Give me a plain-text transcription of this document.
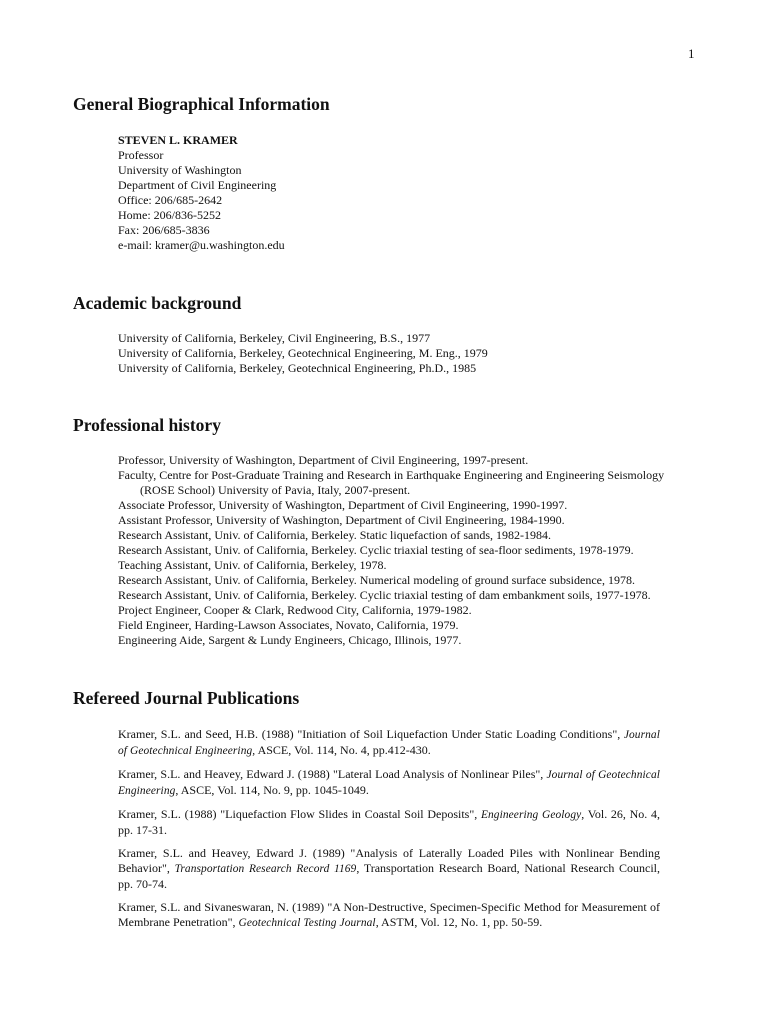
1
General Biographical Information
STEVEN L. KRAMER
Professor
University of Washington
Department of Civil Engineering
Office: 206/685-2642
Home: 206/836-5252
Fax: 206/685-3836
e-mail: kramer@u.washington.edu
Academic background
University of California, Berkeley, Civil Engineering, B.S., 1977
University of California, Berkeley, Geotechnical Engineering, M. Eng., 1979
University of California, Berkeley, Geotechnical Engineering, Ph.D., 1985
Professional history
Professor, University of Washington, Department of Civil Engineering, 1997-present.
Faculty, Centre for Post-Graduate Training and Research in Earthquake Engineering and Engineering Seismology (ROSE School) University of Pavia, Italy, 2007-present.
Associate Professor, University of Washington, Department of Civil Engineering, 1990-1997.
Assistant Professor, University of Washington, Department of Civil Engineering, 1984-1990.
Research Assistant, Univ. of California, Berkeley. Static liquefaction of sands, 1982-1984.
Research Assistant, Univ. of California, Berkeley. Cyclic triaxial testing of sea-floor sediments, 1978-1979.
Teaching Assistant, Univ. of California, Berkeley, 1978.
Research Assistant, Univ. of California, Berkeley. Numerical modeling of ground surface subsidence, 1978.
Research Assistant, Univ. of California, Berkeley. Cyclic triaxial testing of dam embankment soils, 1977-1978.
Project Engineer, Cooper & Clark, Redwood City, California, 1979-1982.
Field Engineer, Harding-Lawson Associates, Novato, California, 1979.
Engineering Aide, Sargent & Lundy Engineers, Chicago, Illinois, 1977.
Refereed Journal Publications
Kramer, S.L. and Seed, H.B. (1988) "Initiation of Soil Liquefaction Under Static Loading Conditions", Journal of Geotechnical Engineering, ASCE, Vol. 114, No. 4, pp.412-430.
Kramer, S.L. and Heavey, Edward J. (1988) "Lateral Load Analysis of Nonlinear Piles", Journal of Geotechnical Engineering, ASCE, Vol. 114, No. 9, pp. 1045-1049.
Kramer, S.L. (1988) "Liquefaction Flow Slides in Coastal Soil Deposits", Engineering Geology, Vol. 26, No. 4, pp. 17-31.
Kramer, S.L. and Heavey, Edward J. (1989) "Analysis of Laterally Loaded Piles with Nonlinear Bending Behavior", Transportation Research Record 1169, Transportation Research Board, National Research Council, pp. 70-74.
Kramer, S.L. and Sivaneswaran, N. (1989) "A Non-Destructive, Specimen-Specific Method for Measurement of Membrane Penetration", Geotechnical Testing Journal, ASTM, Vol. 12, No. 1, pp. 50-59.
